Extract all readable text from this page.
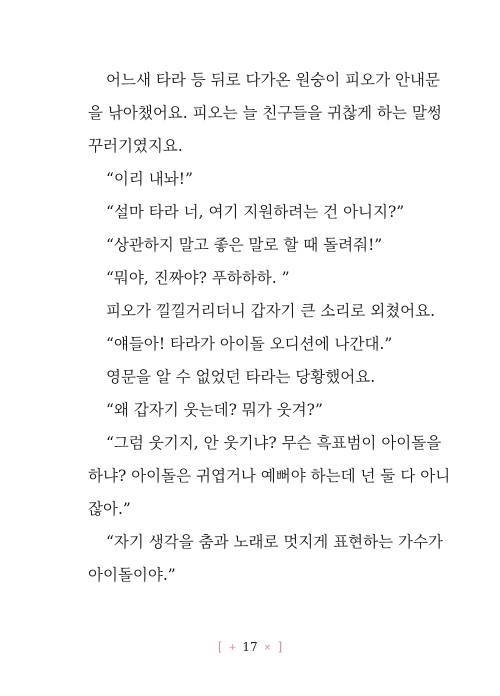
어느새 타라 등 뒤로 다가온 원숭이 피오가 안내문
을 낚아챘어요. 피오는 늘 친구들을 귀찮게 하는 말썽
꾸러기였지요.

“이리 내놔!”

“설마 타라 너, 여기 지원하려는 건 아니지?”

“상관하지 말고 좋은 말로 할 때 돌려줘!”

“뭐야, 진짜야? 푸하하하. ”

피오가 낄낄거리더니 갑자기 큰 소리로 외쳤어요.

“얘들아! 타라가 아이돌 오디션에 나간대.”

영문을 알 수 없었던 타라는 당황했어요.

“왜 갑자기 웃는데? 뭐가 웃겨?”

“그럼 웃기지, 안 웃기냐? 무슨 흑표범이 아이돌을
하냐? 아이돌은 귀엽거나 예뻐야 하는데 넌 둘 다 아니
잖아.”

“자기 생각을 춤과 노래로 멋지게 표현하는 가수가
아이돌이야.”

[ + 17 × ]
